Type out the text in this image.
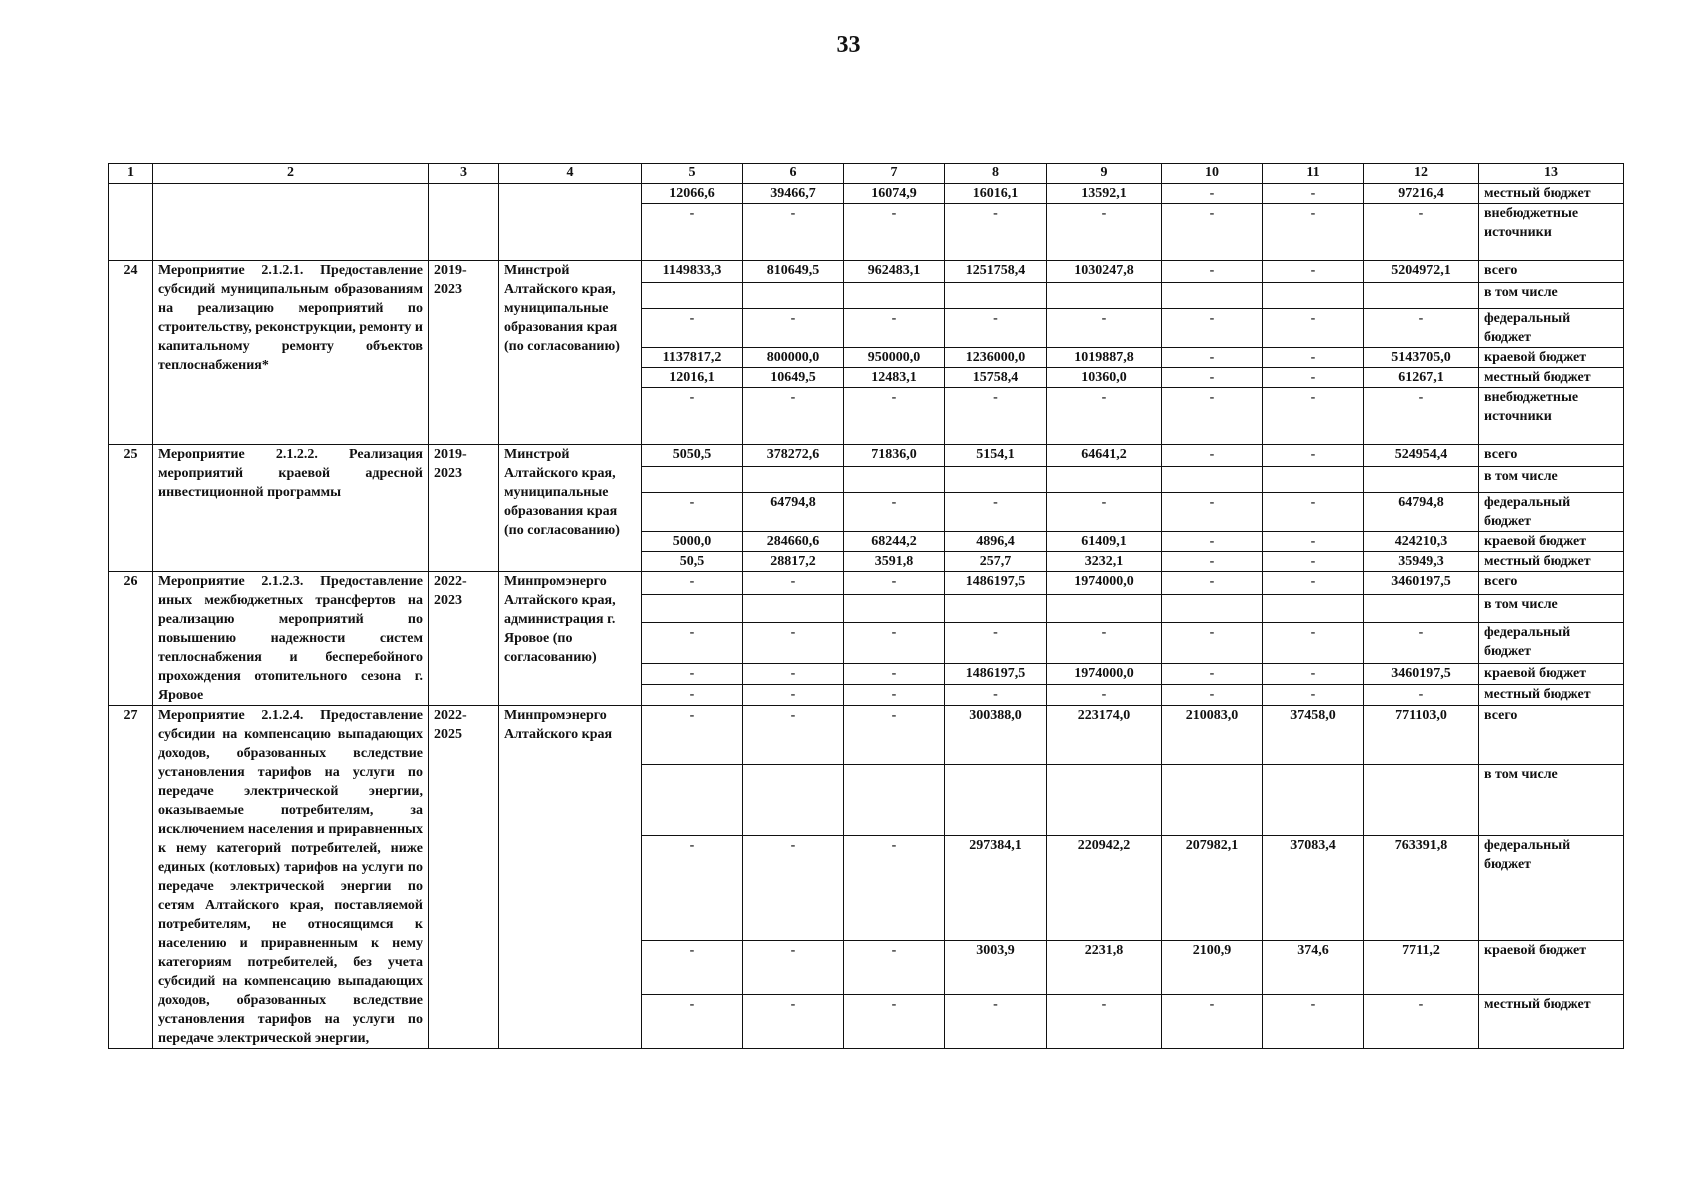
33
1	2	3	4	5	6	7	8	9	10	11	12	13
				12066,6	39466,7	16074,9	16016,1	13592,1	-	-	97216,4	местный бюджет
				-	-	-	-	-	-	-	-	внебюджетные источники
24	Мероприятие 2.1.2.1. Предоставление субсидий муниципальным образованиям на реализацию мероприятий по строительству, реконструкции, ремонту и капитальному ремонту объектов теплоснабжения*	2019-2023	Минстрой Алтайского края, муниципальные образования края (по согласованию)	1149833,3	810649,5	962483,1	1251758,4	1030247,8	-	-	5204972,1	всего
												в том числе
				-	-	-	-	-	-	-	-	федеральный бюджет
				1137817,2	800000,0	950000,0	1236000,0	1019887,8	-	-	5143705,0	краевой бюджет
				12016,1	10649,5	12483,1	15758,4	10360,0	-	-	61267,1	местный бюджет
				-	-	-	-	-	-	-	-	внебюджетные источники
25	Мероприятие 2.1.2.2. Реализация мероприятий краевой адресной инвестиционной программы	2019-2023	Минстрой Алтайского края, муниципальные образования края (по согласованию)	5050,5	378272,6	71836,0	5154,1	64641,2	-	-	524954,4	всего
												в том числе
				-	64794,8	-	-	-	-	-	64794,8	федеральный бюджет
				5000,0	284660,6	68244,2	4896,4	61409,1	-	-	424210,3	краевой бюджет
				50,5	28817,2	3591,8	257,7	3232,1	-	-	35949,3	местный бюджет
26	Мероприятие 2.1.2.3. Предоставление иных межбюджетных трансфертов на реализацию мероприятий по повышению надежности систем теплоснабжения и бесперебойного прохождения отопительного сезона г. Яровое	2022-2023	Минпромэнерго Алтайского края, администрация г. Яровое (по согласованию)	-	-	-	1486197,5	1974000,0	-	-	3460197,5	всего
												в том числе
				-	-	-	-	-	-	-	-	федеральный бюджет
				-	-	-	1486197,5	1974000,0	-	-	3460197,5	краевой бюджет
				-	-	-	-	-	-	-	-	местный бюджет
27	Мероприятие 2.1.2.4. Предоставление субсидии на компенсацию выпадающих доходов, образованных вследствие установления тарифов на услуги по передаче электрической энергии, оказываемые потребителям, за исключением населения и приравненных к нему категорий потребителей, ниже единых (котловых) тарифов на услуги по передаче электрической энергии по сетям Алтайского края, поставляемой потребителям, не относящимся к населению и приравненным к нему категориям потребителей, без учета субсидий на компенсацию выпадающих доходов, образованных вследствие установления тарифов на услуги по передаче электрической энергии,	2022-2025	Минпромэнерго Алтайского края	-	-	-	300388,0	223174,0	210083,0	37458,0	771103,0	всего
												в том числе
				-	-	-	297384,1	220942,2	207982,1	37083,4	763391,8	федеральный бюджет
				-	-	-	3003,9	2231,8	2100,9	374,6	7711,2	краевой бюджет
				-	-	-	-	-	-	-	-	местный бюджет
